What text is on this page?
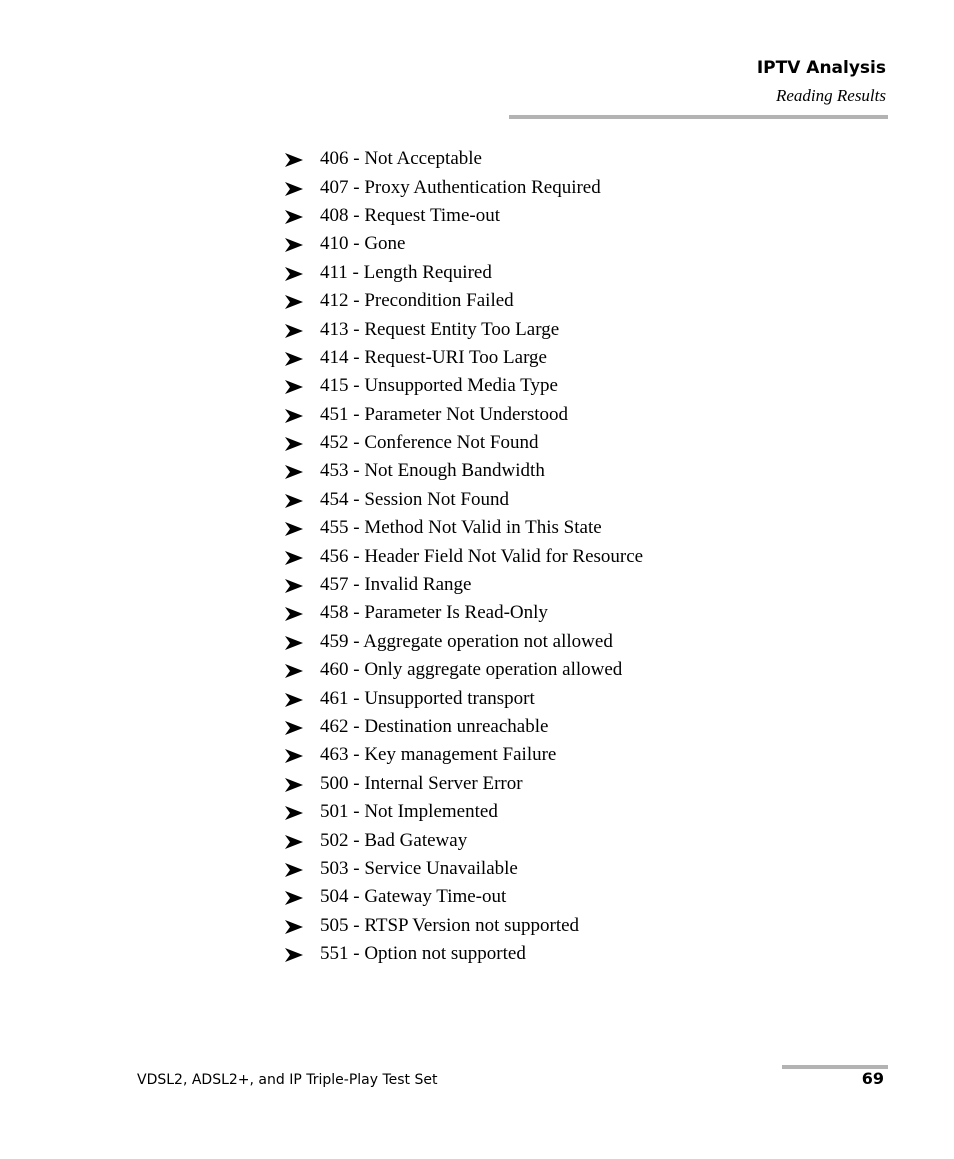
IPTV Analysis
Reading Results
406 - Not Acceptable
407 - Proxy Authentication Required
408 - Request Time-out
410 - Gone
411 - Length Required
412 - Precondition Failed
413 - Request Entity Too Large
414 - Request-URI Too Large
415 - Unsupported Media Type
451 - Parameter Not Understood
452 - Conference Not Found
453 - Not Enough Bandwidth
454 - Session Not Found
455 - Method Not Valid in This State
456 - Header Field Not Valid for Resource
457 - Invalid Range
458 - Parameter Is Read-Only
459 - Aggregate operation not allowed
460 - Only aggregate operation allowed
461 - Unsupported transport
462 - Destination unreachable
463 - Key management Failure
500 - Internal Server Error
501 - Not Implemented
502 - Bad Gateway
503 - Service Unavailable
504 - Gateway Time-out
505 - RTSP Version not supported
551 - Option not supported
VDSL2, ADSL2+, and IP Triple-Play Test Set	69
